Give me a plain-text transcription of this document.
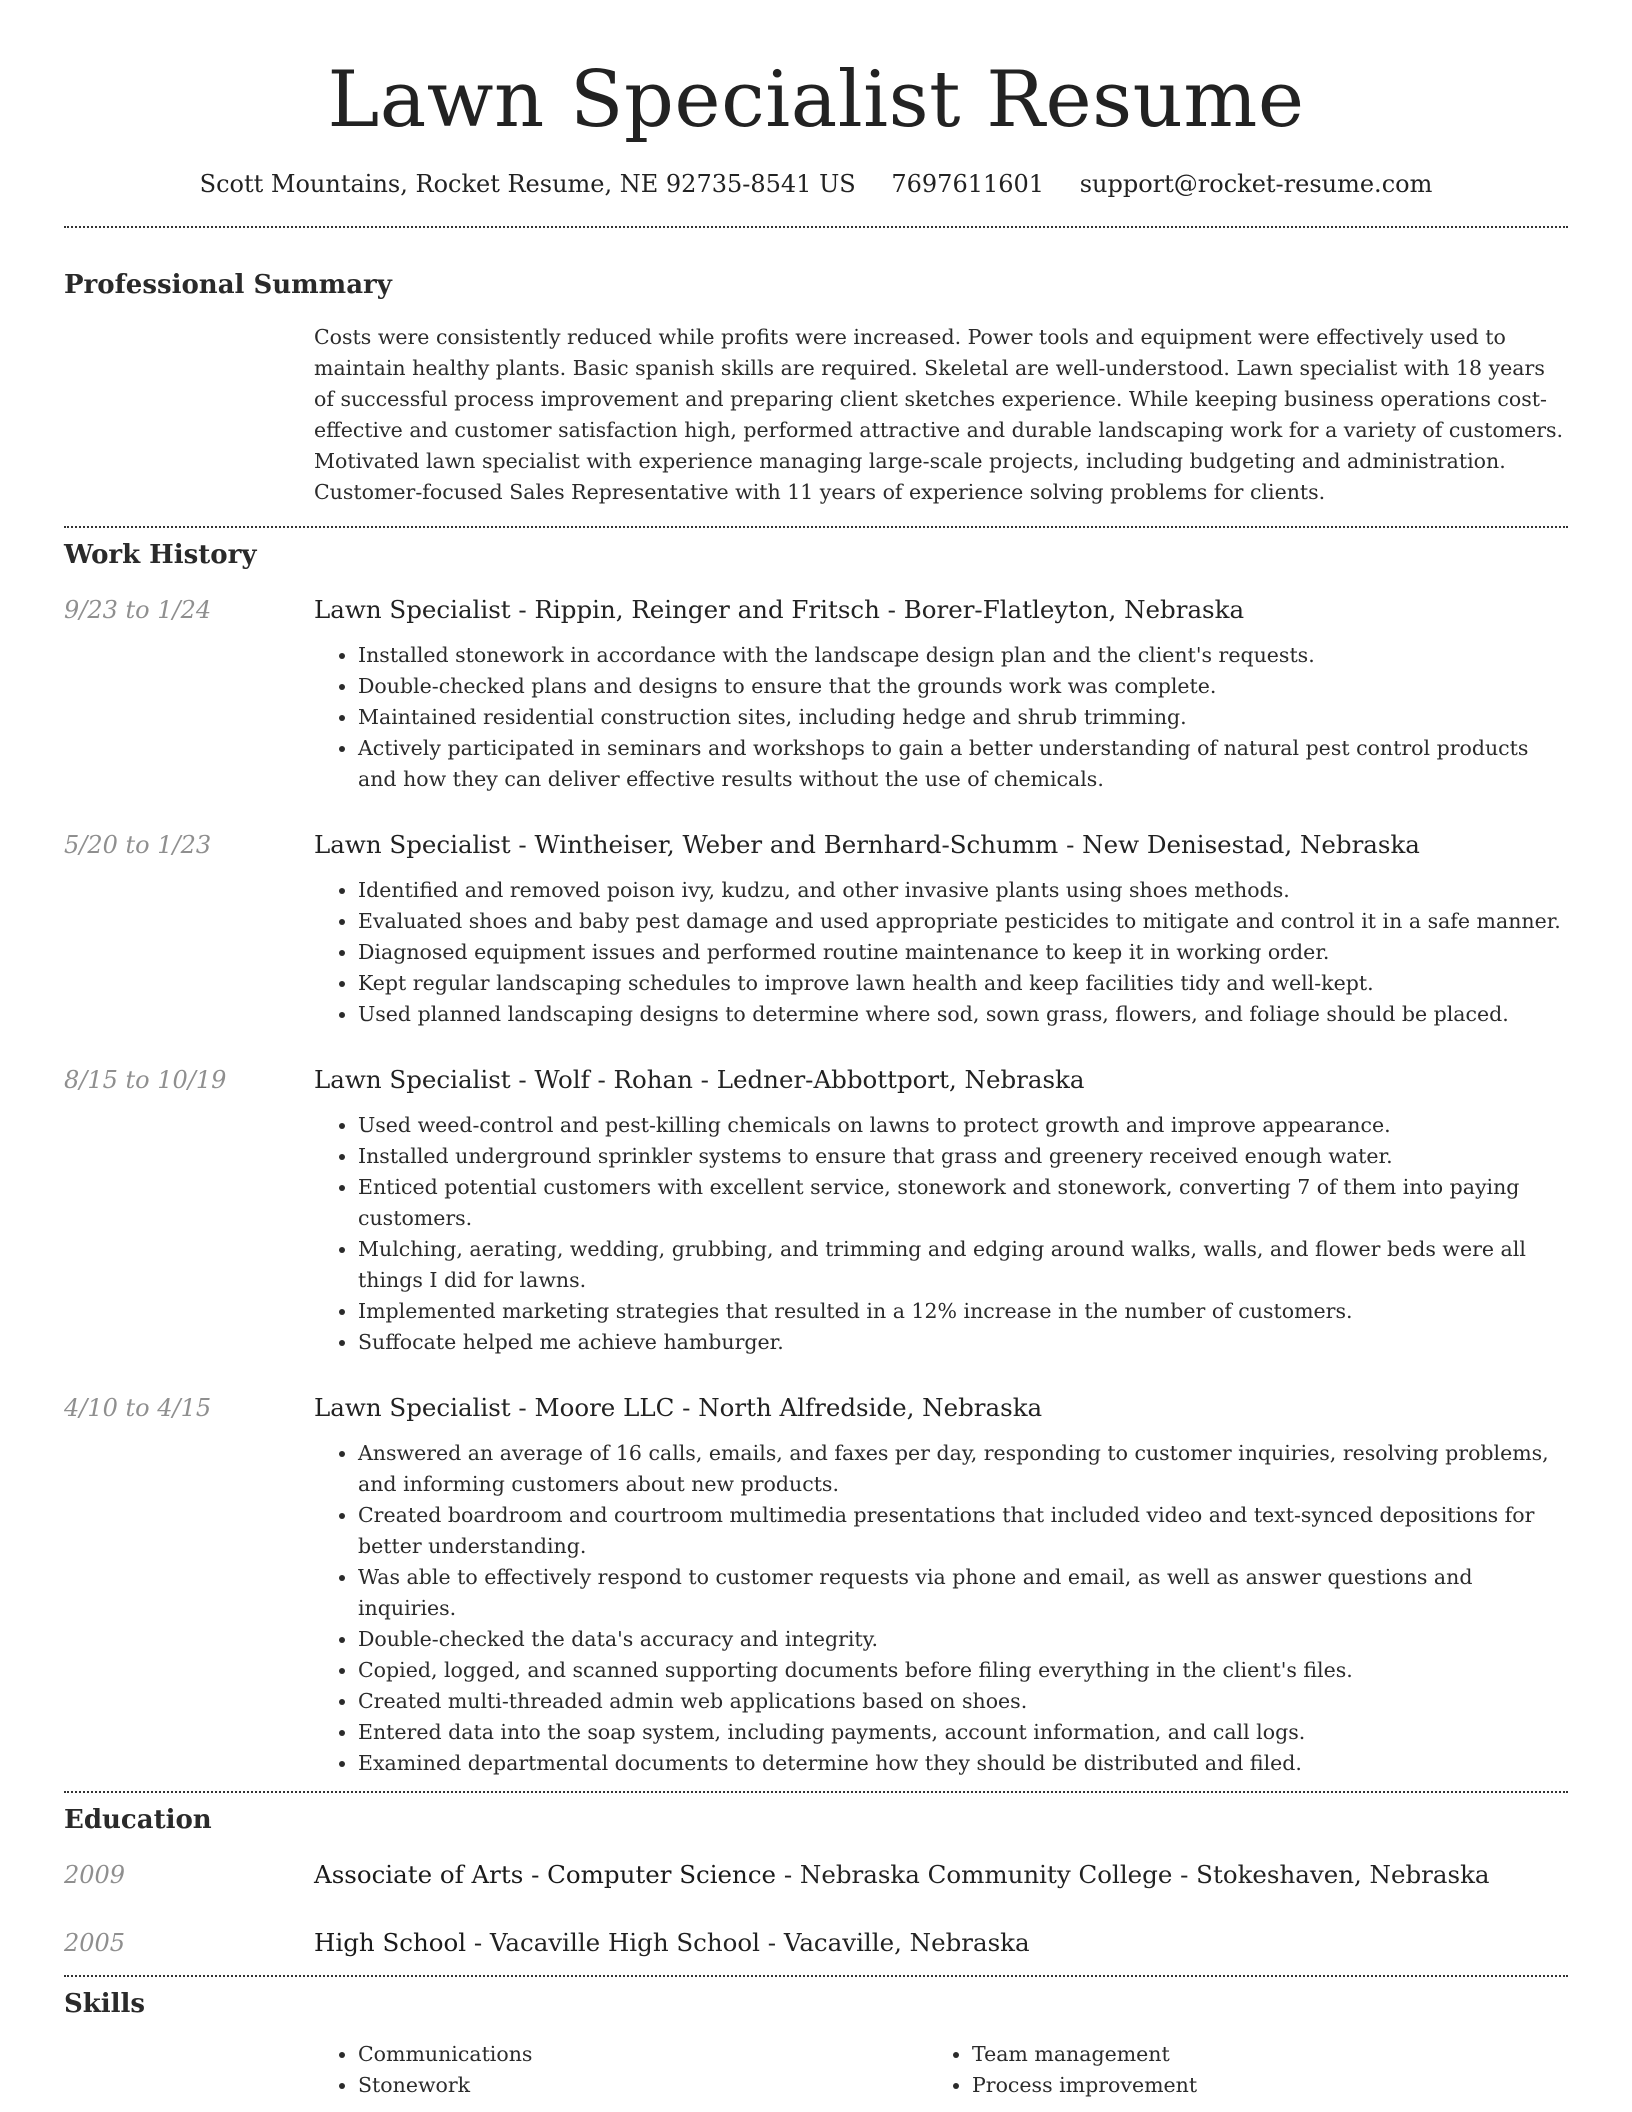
Lawn Specialist Resume
Scott Mountains, Rocket Resume, NE 92735-8541 US 7697611601 support@rocket-resume.com
Professional Summary

Costs were consistently reduced while profits were increased. Power tools and equipment were effectively used to maintain healthy plants. Basic spanish skills are required. Skeletal are well-understood. Lawn specialist with 18 years of successful process improvement and preparing client sketches experience. While keeping business operations cost-effective and customer satisfaction high, performed attractive and durable landscaping work for a variety of customers. Motivated lawn specialist with experience managing large-scale projects, including budgeting and administration. Customer-focused Sales Representative with 11 years of experience solving problems for clients.

Work History
9/23 to 1/24	Lawn Specialist - Rippin, Reinger and Fritsch - Borer-Flatleyton, Nebraska

• Installed stonework in accordance with the landscape design plan and the client's requests.
• Double-checked plans and designs to ensure that the grounds work was complete.
• Maintained residential construction sites, including hedge and shrub trimming.
• Actively participated in seminars and workshops to gain a better understanding of natural pest control products and how they can deliver effective results without the use of chemicals.
5/20 to 1/23	Lawn Specialist - Wintheiser, Weber and Bernhard-Schumm - New Denisestad, Nebraska

• Identified and removed poison ivy, kudzu, and other invasive plants using shoes methods.
• Evaluated shoes and baby pest damage and used appropriate pesticides to mitigate and control it in a safe manner.
• Diagnosed equipment issues and performed routine maintenance to keep it in working order.
• Kept regular landscaping schedules to improve lawn health and keep facilities tidy and well-kept.
• Used planned landscaping designs to determine where sod, sown grass, flowers, and foliage should be placed.
8/15 to 10/19	Lawn Specialist - Wolf - Rohan - Ledner-Abbottport, Nebraska

• Used weed-control and pest-killing chemicals on lawns to protect growth and improve appearance.
• Installed underground sprinkler systems to ensure that grass and greenery received enough water.
• Enticed potential customers with excellent service, stonework and stonework, converting 7 of them into paying customers.
• Mulching, aerating, wedding, grubbing, and trimming and edging around walks, walls, and flower beds were all things I did for lawns.
• Implemented marketing strategies that resulted in a 12% increase in the number of customers.
• Suffocate helped me achieve hamburger.
4/10 to 4/15	Lawn Specialist - Moore LLC - North Alfredside, Nebraska

• Answered an average of 16 calls, emails, and faxes per day, responding to customer inquiries, resolving problems, and informing customers about new products.
• Created boardroom and courtroom multimedia presentations that included video and text-synced depositions for better understanding.
• Was able to effectively respond to customer requests via phone and email, as well as answer questions and inquiries.
• Double-checked the data's accuracy and integrity.
• Copied, logged, and scanned supporting documents before filing everything in the client's files.
• Created multi-threaded admin web applications based on shoes.
• Entered data into the soap system, including payments, account information, and call logs.
• Examined departmental documents to determine how they should be distributed and filed.
Education
2009	Associate of Arts - Computer Science - Nebraska Community College - Stokeshaven, Nebraska

2005	High School - Vacaville High School - Vacaville, Nebraska

Skills
• Communications
• Stonework
• Team management
• Process improvement
